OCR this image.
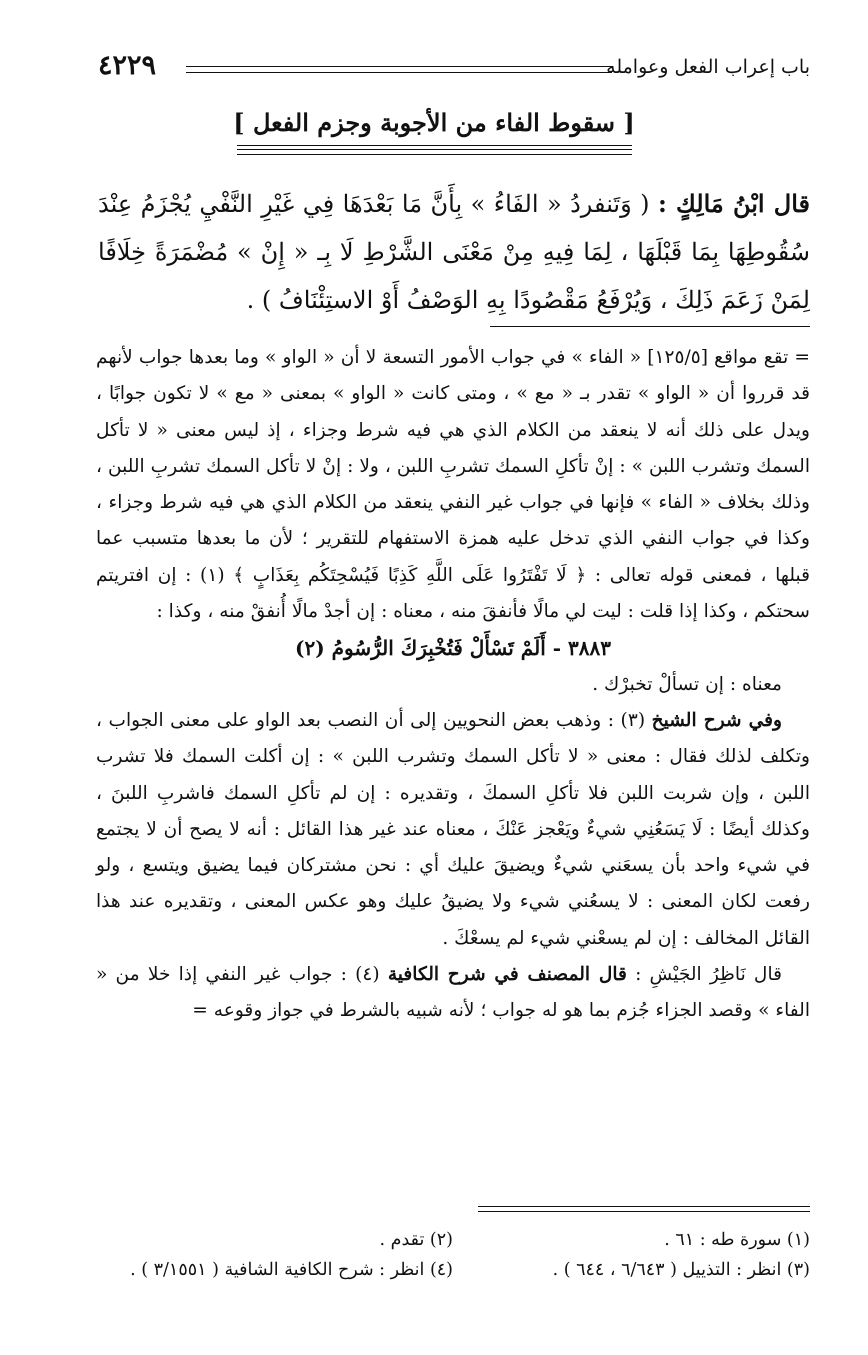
باب إعراب الفعل وعوامله
٤٢٢٩
[ سقوط الفاء من الأجوبة وجزم الفعل ]
قال ابْنُ مَالِكٍ : ( وَتَنفردُ « الفَاءُ » بِأَنَّ مَا بَعْدَهَا فِي غَيْرِ النَّفْيِ يُجْزَمُ عِنْدَ سُقُوطِهَا بِمَا قَبْلَهَا ، لِمَا فِيهِ مِنْ مَعْنَى الشَّرْطِ لَا بِـ « إِنْ » مُضْمَرَةً خِلَافًا لِمَنْ زَعَمَ ذَلِكَ ، وَيُرْفَعُ مَقْصُودًا بِهِ الوَصْفُ أَوْ الاستِئْنَافُ ) .

= تقع مواقع [١٢٥/٥] « الفاء » في جواب الأمور التسعة لا أن « الواو » وما بعدها جواب لأنهم قد قرروا أن « الواو » تقدر بـ « مع » ، ومتى كانت « الواو » بمعنى « مع » لا تكون جوابًا ، ويدل على ذلك أنه لا ينعقد من الكلام الذي هي فيه شرط وجزاء ، إذ ليس معنى « لا تأكل السمك وتشرب اللبن » : إنْ تأكلِ السمك تشربِ اللبن ، ولا : إنْ لا تأكل السمك تشربِ اللبن ، وذلك بخلاف « الفاء » فإنها في جواب غير النفي ينعقد من الكلام الذي هي فيه شرط وجزاء ، وكذا في جواب النفي الذي تدخل عليه همزة الاستفهام للتقرير ؛ لأن ما بعدها متسبب عما قبلها ، فمعنى قوله تعالى : ﴿ لَا تَفْتَرُوا عَلَى اللَّهِ كَذِبًا فَيُسْحِتَكُم بِعَذَابٍ ﴾ (١) : إن افتريتم سحتكم ، وكذا إذا قلت : ليت لي مالًا فأنفقَ منه ، معناه : إن أجدْ مالًا أُنفقْ منه ، وكذا :

٣٨٨٣ - أَلَمْ تَسْأَلْ فَتُخْبِرَكَ الرُّسُومُ (٢)

معناه : إن تسألْ تخبرْك .

وفي شرح الشيخ (٣) : وذهب بعض النحويين إلى أن النصب بعد الواو على معنى الجواب ، وتكلف لذلك فقال : معنى « لا تأكل السمك وتشرب اللبن » : إن أكلت السمك فلا تشرب اللبن ، وإن شربت اللبن فلا تأكلِ السمكَ ، وتقديره : إن لم تأكلِ السمك فاشربِ اللبنَ ، وكذلك أيضًا : لَا يَسَعُنِي شيءٌ ويَعْجز عَنْكَ ، معناه عند غير هذا القائل : أنه لا يصح أن لا يجتمع في شيء واحد بأن يسعَني شيءٌ ويضيقَ عليك أي : نحن مشتركان فيما يضيق ويتسع ، ولو رفعت لكان المعنى : لا يسعُني شيء ولا يضيقُ عليك وهو عكس المعنى ، وتقديره عند هذا القائل المخالف : إن لم يسعْني شيء لم يسعْكَ .

قال نَاظِرُ الجَيْشِ : قال المصنف في شرح الكافية (٤) : جواب غير النفي إذا خلا من « الفاء » وقصد الجزاء جُزم بما هو له جواب ؛ لأنه شبيه بالشرط في جواز وقوعه =

(١) سورة طه : ٦١ .
(٢) تقدم .
(٣) انظر : التذييل ( ٦/٦٤٣ ، ٦٤٤ ) .
(٤) انظر : شرح الكافية الشافية ( ٣/١٥٥١ ) .
